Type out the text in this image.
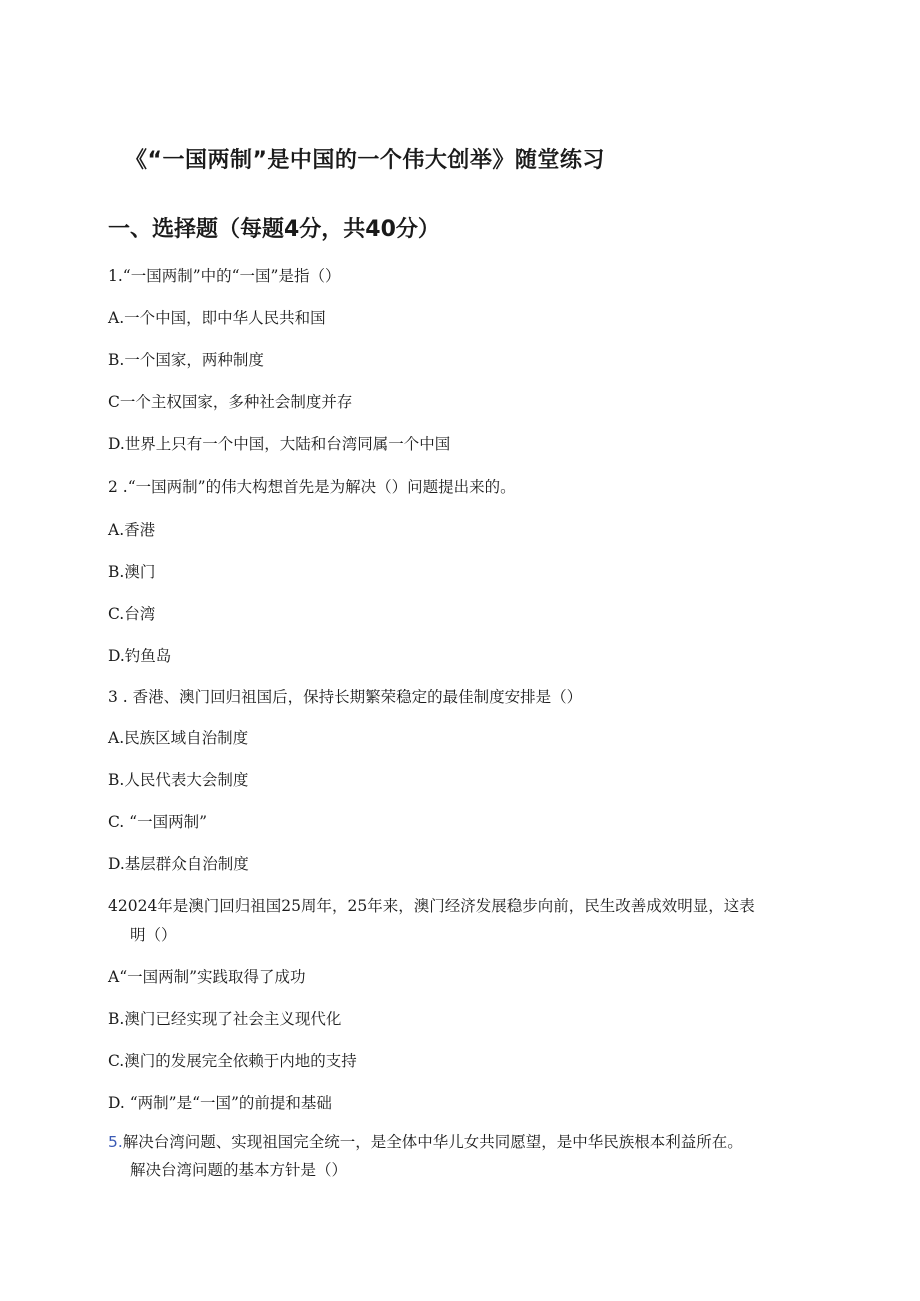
《“一国两制”是中国的一个伟大创举》随堂练习
一、选择题（每题4分，共40分）
1.“一国两制”中的“一国”是指（）
A.一个中国，即中华人民共和国
B.一个国家，两种制度
C一个主权国家，多种社会制度并存
D.世界上只有一个中国，大陆和台湾同属一个中国
2 .“一国两制”的伟大构想首先是为解决（）问题提出来的。
A.香港
B.澳门
C.台湾
D.钓鱼岛
3 . 香港、澳门回归祖国后，保持长期繁荣稳定的最佳制度安排是（）
A.民族区域自治制度
B.人民代表大会制度
C. “一国两制”
D.基层群众自治制度
42024年是澳门回归祖国25周年，25年来，澳门经济发展稳步向前，民生改善成效明显，这表
明（）
A“一国两制”实践取得了成功
B.澳门已经实现了社会主义现代化
C.澳门的发展完全依赖于内地的支持
D. “两制”是“一国”的前提和基础
5.解决台湾问题、实现祖国完全统一，是全体中华儿女共同愿望，是中华民族根本利益所在。
解决台湾问题的基本方针是（）
